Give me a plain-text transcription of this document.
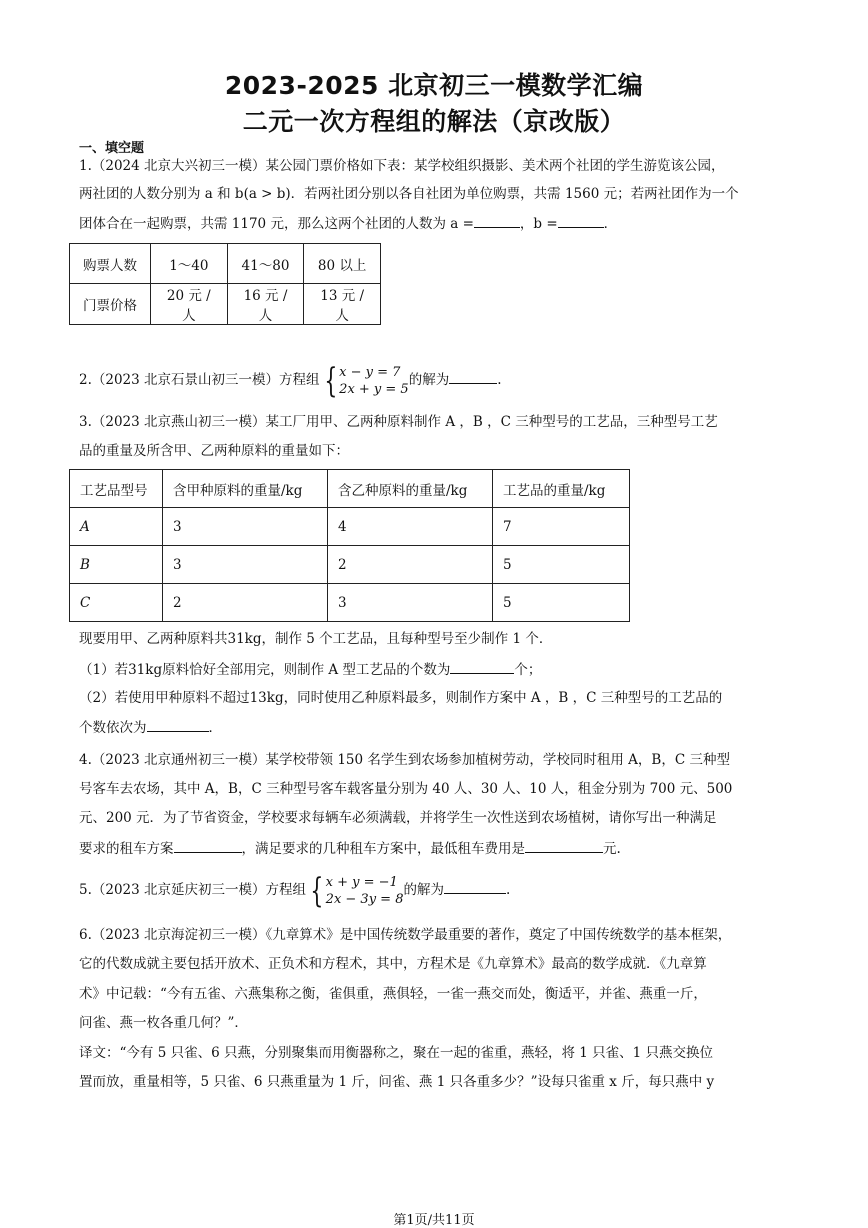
2023-2025 北京初三一模数学汇编
二元一次方程组的解法（京改版）
一、填空题
1.（2024 北京大兴初三一模）某公园门票价格如下表：某学校组织摄影、美术两个社团的学生游览该公园，
两社团的人数分别为 a 和 b(a > b)．若两社团分别以各自社团为单位购票，共需 1560 元；若两社团作为一个
团体合在一起购票，共需 1170 元，那么这两个社团的人数为 a =	，b =	．
购票人数	1～40	41～80	80 以上
门票价格	20 元 / 人	16 元 / 人	13 元 / 人
2.（2023 北京石景山初三一模）方程组 { x − y = 7
2x + y = 5
的解为	.
3.（2023 北京燕山初三一模）某工厂用甲、乙两种原料制作 A ，B ，C 三种型号的工艺品，三种型号工艺
品的重量及所含甲、乙两种原料的重量如下：
工艺品型号	含甲种原料的重量/kg	含乙种原料的重量/kg	工艺品的重量/kg
A	3	4	7
B	3	2	5
C	2	3	5
现要用甲、乙两种原料共31kg，制作 5 个工艺品，且每种型号至少制作 1 个．
（1）若31kg原料恰好全部用完，则制作 A 型工艺品的个数为	个；
（2）若使用甲种原料不超过13kg，同时使用乙种原料最多，则制作方案中 A ，B ，C 三种型号的工艺品的
个数依次为	．
4.（2023 北京通州初三一模）某学校带领 150 名学生到农场参加植树劳动，学校同时租用 A，B，C 三种型
号客车去农场，其中 A，B，C 三种型号客车载客量分别为 40 人、30 人、10 人，租金分别为 700 元、500
元、200 元．为了节省资金，学校要求每辆车必须满载，并将学生一次性送到农场植树，请你写出一种满足
要求的租车方案	，满足要求的几种租车方案中，最低租车费用是	元.
5.（2023 北京延庆初三一模）方程组 { x + y = −1
2x − 3y = 8
的解为	.
6.（2023 北京海淀初三一模）《九章算术》是中国传统数学最重要的著作，奠定了中国传统数学的基本框架，
它的代数成就主要包括开放术、正负术和方程术，其中，方程术是《九章算术》最高的数学成就．《九章算
术》中记载：“今有五雀、六燕集称之衡，雀俱重，燕俱轻，一雀一燕交而处，衡适平，并雀、燕重一斤，
问雀、燕一枚各重几何？”．
译文：“今有 5 只雀、6 只燕，分别聚集而用衡器称之，聚在一起的雀重，燕轻，将 1 只雀、1 只燕交换位
置而放，重量相等，5 只雀、6 只燕重量为 1 斤，问雀、燕 1 只各重多少？”设每只雀重 x 斤，每只燕中 y
第1页/共11页
